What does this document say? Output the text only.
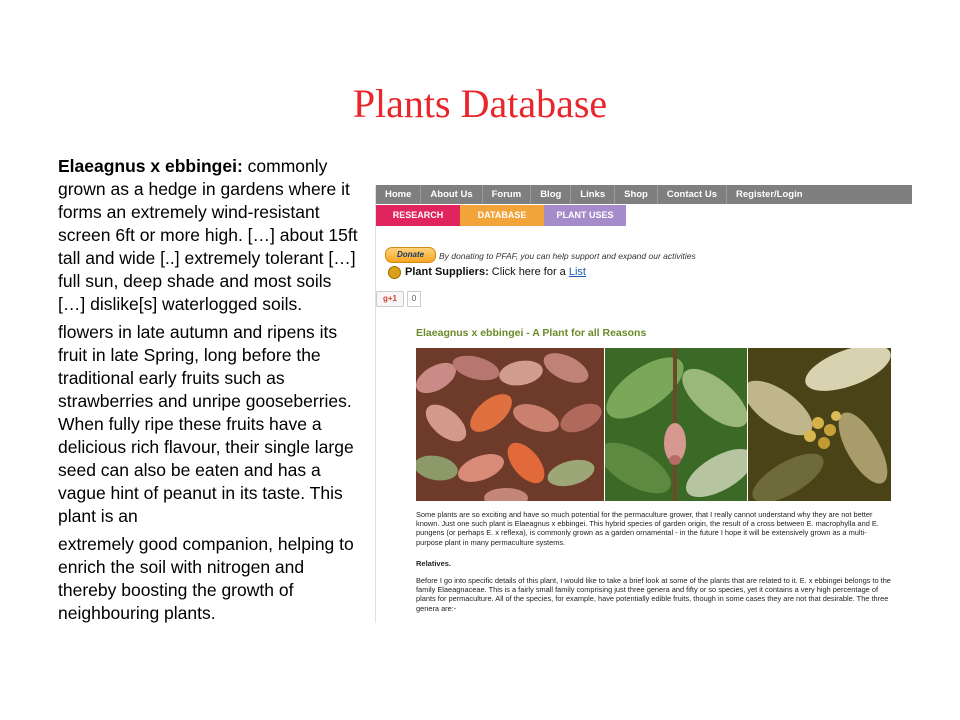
Plants Database

Elaeagnus x ebbingei: commonly grown as a hedge in gardens where it forms an extremely wind-resistant screen 6ft or more high. […] about 15ft tall and wide [..] extremely tolerant […] full sun, deep shade and most soils […] dislike[s] waterlogged soils.

flowers in late autumn and ripens its fruit in late Spring, long before the traditional early fruits such as strawberries and unripe gooseberries. When fully ripe these fruits have a delicious rich flavour, their single large seed can also be eaten and has a vague hint of peanut in its taste. This plant is an

extremely good companion, helping to enrich the soil with nitrogen and thereby boosting the growth of neighbouring plants.

Home	About Us	Forum	Blog	Links	Shop	Contact Us	Register/Login
RESEARCH	DATABASE	PLANT USES
Donate	By donating to PFAF, you can help support and expand our activities
Plant Suppliers: Click here for a List
g+1	0
Elaeagnus x ebbingei - A Plant for all Reasons
Some plants are so exciting and have so much potential for the permaculture grower, that I really cannot understand why they are not better known. Just one such plant is Elaeagnus x ebbingei. This hybrid species of garden origin, the result of a cross between E. macrophylla and E. pungens (or perhaps E. x reflexa), is commonly grown as a garden ornamental - in the future I hope it will be extensively grown as a multi-purpose plant in many permaculture systems.
Relatives.
Before I go into specific details of this plant, I would like to take a brief look at some of the plants that are related to it. E. x ebbingei belongs to the family Elaeagnaceae. This is a fairly small family comprising just three genera and fifty or so species, yet it contains a very high percentage of plants for permaculture. All of the species, for example, have potentially edible fruits, though in some cases they are not that desirable. The three genera are:-
